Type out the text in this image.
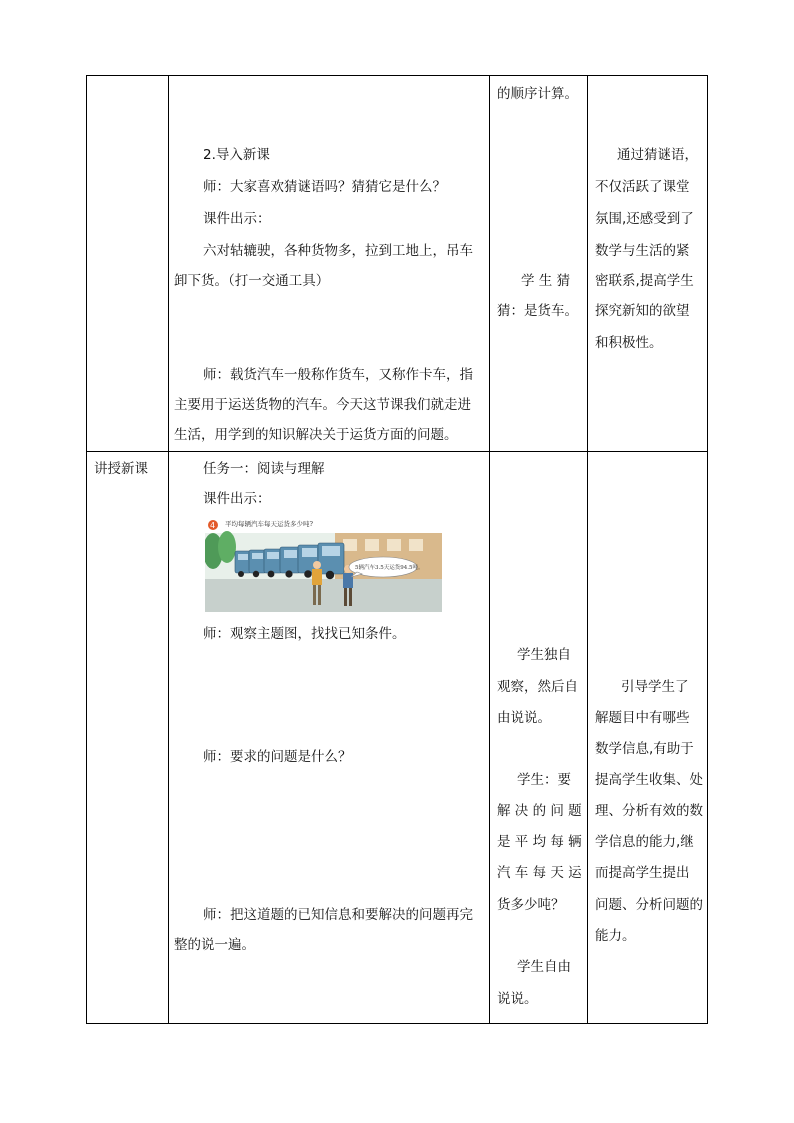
的顺序计算。
2.导入新课
师：大家喜欢猜谜语吗？猜猜它是什么？
课件出示：
六对轱辘驶，各种货物多，拉到工地上，吊车
卸下货。（打一交通工具）
师：载货汽车一般称作货车，又称作卡车，指
主要用于运送货物的汽车。今天这节课我们就走进
生活，用学到的知识解决关于运货方面的问题。
学 生 猜
猜：是货车。
通过猜谜语，
不仅活跃了课堂
氛围,还感受到了
数学与生活的紧
密联系,提高学生
探究新知的欲望
和积极性。
讲授新课	任务一：阅读与理解
课件出示：
5辆汽车3.5天运货94.5吨。
4 平均每辆汽车每天运货多少吨?
师：观察主题图，找找已知条件。
师：要求的问题是什么？
师：把这道题的已知信息和要解决的问题再完
整的说一遍。
学生独自
观察，然后自
由说说。
学生：要
解 决 的 问 题
是 平 均 每 辆
汽 车 每 天 运
货多少吨？
学生自由
说说。
引导学生了
解题目中有哪些
数学信息,有助于
提高学生收集、处
理、分析有效的数
学信息的能力,继
而提高学生提出
问题、分析问题的
能力。
